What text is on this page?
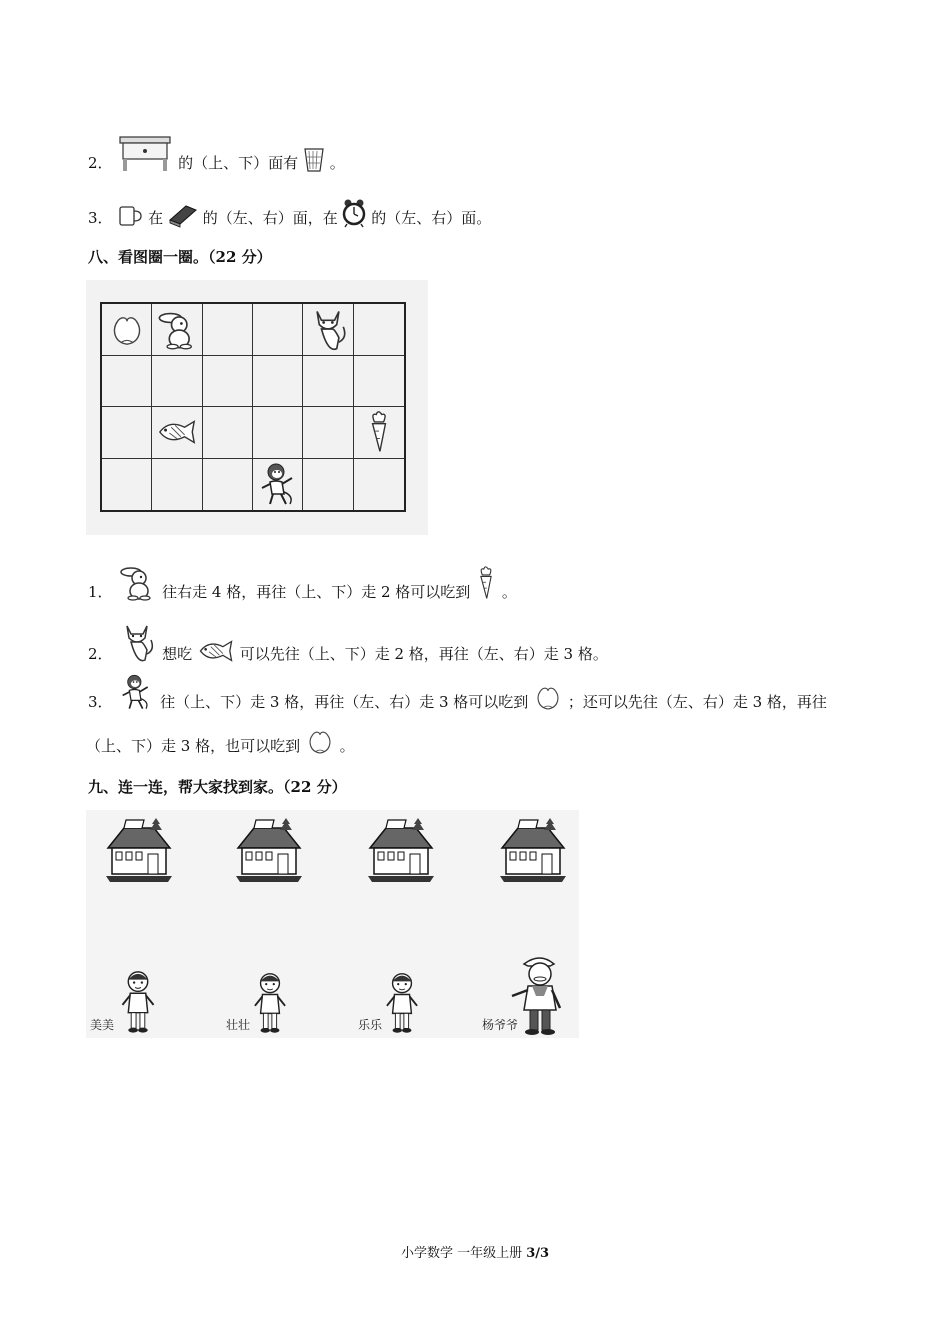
2．	的（上、下）面有 。
3． 在	的（左、右）面，在 的（左、右）面。
八、看图圈一圈。（22 分）
1．	往右走 4 格，再往（上、下）走 2 格可以吃到 。
2．	想吃	可以先往（上、下）走 2 格，再往（左、右）走 3 格。
3．	往（上、下）走 3 格，再往（左、右）走 3 格可以吃到	；还可以先往（左、右）走 3 格，再往
（上、下）走 3 格，也可以吃到	。
九、连一连，帮大家找到家。（22 分）
美美	壮壮	乐乐	杨爷爷
小学数学 一年级上册 3/3
